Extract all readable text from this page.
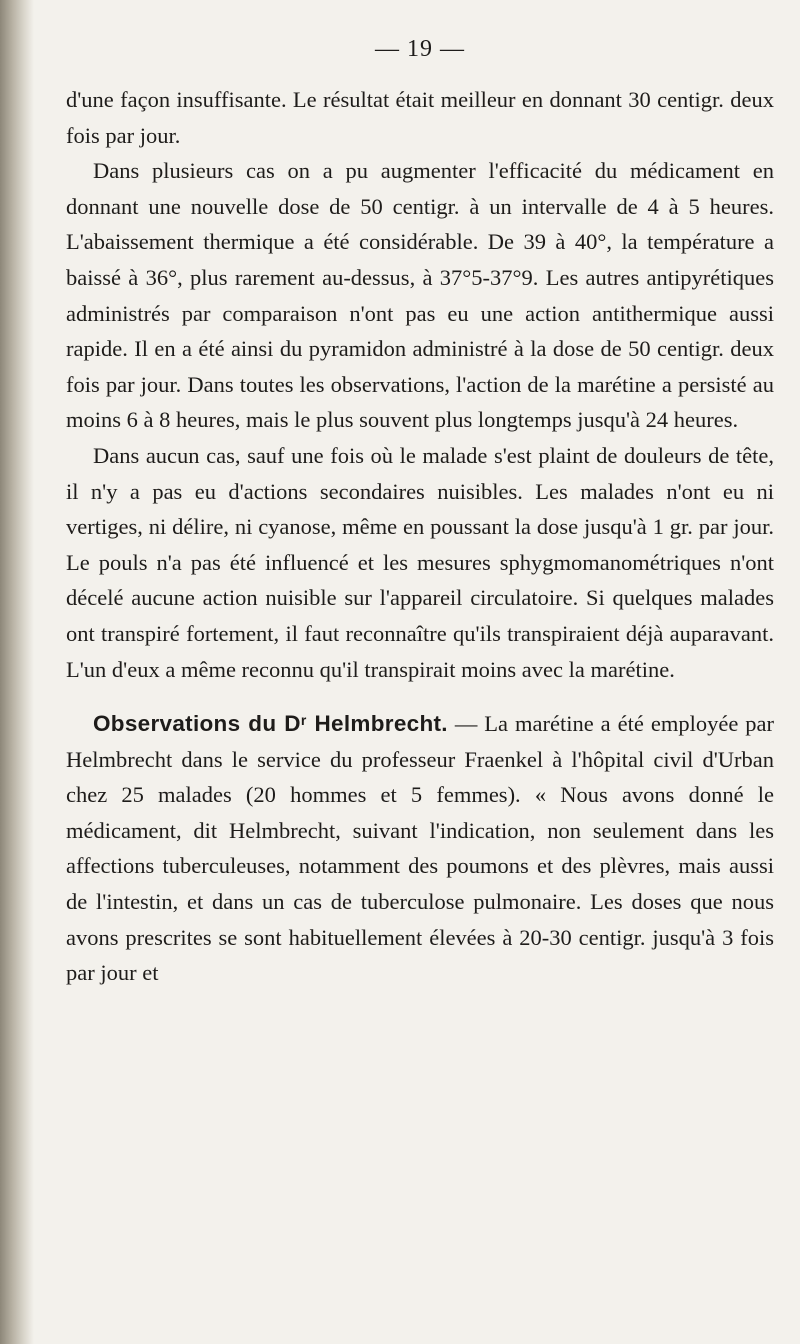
— 19 —

d'une façon insuffisante. Le résultat était meilleur en donnant 30 centigr. deux fois par jour.

Dans plusieurs cas on a pu augmenter l'efficacité du médicament en donnant une nouvelle dose de 50 centigr. à un intervalle de 4 à 5 heures. L'abaissement thermique a été considérable. De 39 à 40°, la température a baissé à 36°, plus rarement au-dessus, à 37°5-37°9. Les autres antipyrétiques administrés par comparaison n'ont pas eu une action antithermique aussi rapide. Il en a été ainsi du pyramidon administré à la dose de 50 centigr. deux fois par jour. Dans toutes les observations, l'action de la marétine a persisté au moins 6 à 8 heures, mais le plus souvent plus longtemps jusqu'à 24 heures.

Dans aucun cas, sauf une fois où le malade s'est plaint de douleurs de tête, il n'y a pas eu d'actions secondaires nuisibles. Les malades n'ont eu ni vertiges, ni délire, ni cyanose, même en poussant la dose jusqu'à 1 gr. par jour. Le pouls n'a pas été influencé et les mesures sphygmomanométriques n'ont décelé aucune action nuisible sur l'appareil circulatoire. Si quelques malades ont transpiré fortement, il faut reconnaître qu'ils transpiraient déjà auparavant. L'un d'eux a même reconnu qu'il transpirait moins avec la marétine.

Observations du $D^r$ Helmbrecht. — La marétine a été employée par Helmbrecht dans le service du professeur Fraenkel à l'hôpital civil d'Urban chez 25 malades (20 hommes et 5 femmes). « Nous avons donné le médicament, dit Helmbrecht, suivant l'indication, non seulement dans les affections tuberculeuses, notamment des poumons et des plèvres, mais aussi de l'intestin, et dans un cas de tuberculose pulmonaire. Les doses que nous avons prescrites se sont habituellement élevées à 20-30 centigr. jusqu'à 3 fois par jour et
